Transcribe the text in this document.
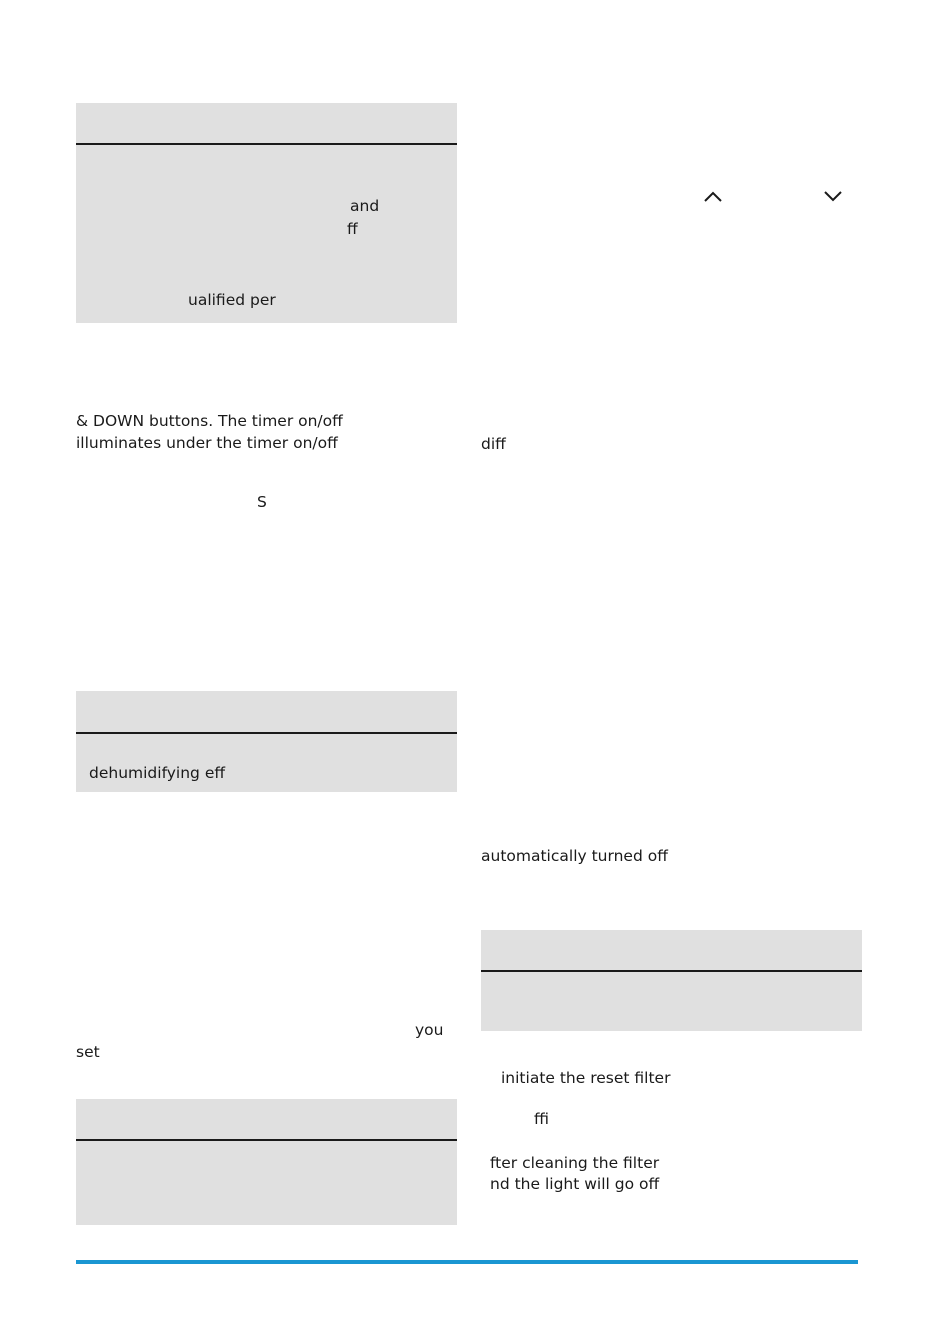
and
ff
ualified per
& DOWN buttons. The timer on/off
illuminates under the timer on/off
S
dehumidifying eff
you
set
diff
automatically turned off
initiate the reset filter
ffi
fter cleaning the filter
nd the light will go off
